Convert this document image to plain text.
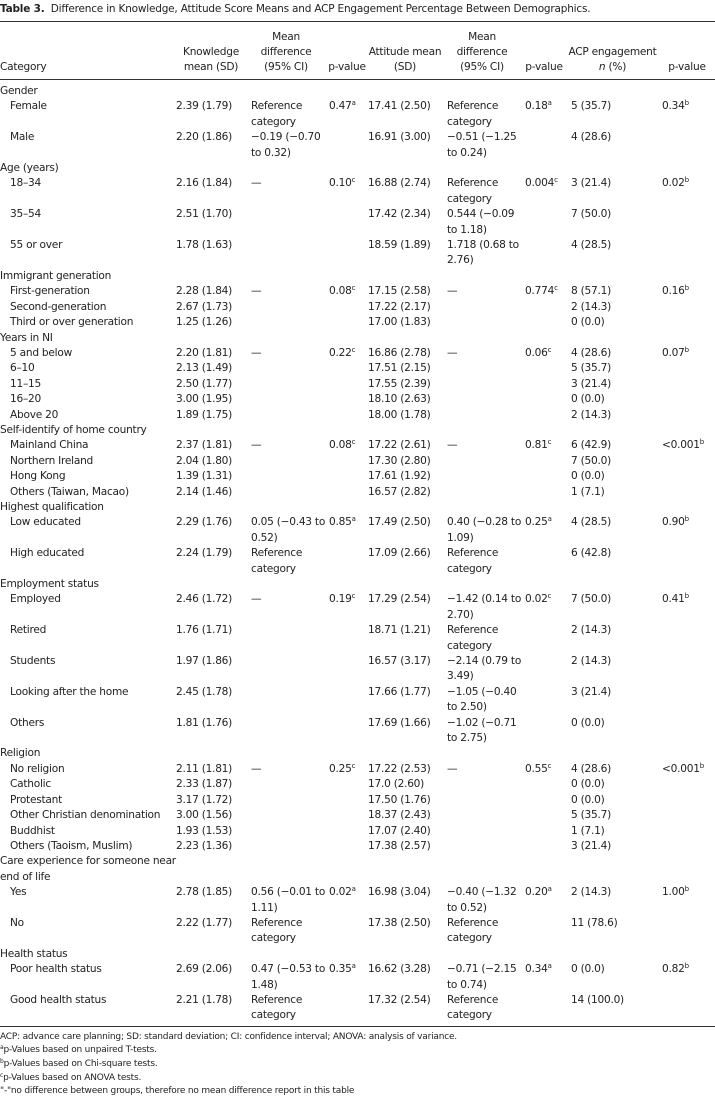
Table 3. Difference in Knowledge, Attitude Score Means and ACP Engagement Percentage Between Demographics.
Category	Knowledge mean (SD)	Mean difference (95% CI)	p-value	Attitude mean (SD)	Mean difference (95% CI)	p-value	ACP engagement
n (%)	p-value
Gender								
Female	2.39 (1.79)	Reference category	0.47$^a$	17.41 (2.50)	Reference category	0.18$^a$	5 (35.7)	0.34$^b$
Male	2.20 (1.86)	−0.19 (−0.70 to 0.32)		16.91 (3.00)	−0.51 (−1.25 to 0.24)		4 (28.6)	
Age (years)								
18–34	2.16 (1.84)	—	0.10$^c$	16.88 (2.74)	Reference category	0.004$^c$	3 (21.4)	0.02$^b$
35–54	2.51 (1.70)			17.42 (2.34)	0.544 (−0.09 to 1.18)		7 (50.0)	
55 or over	1.78 (1.63)			18.59 (1.89)	1.718 (0.68 to 2.76)		4 (28.5)	
Immigrant generation								
First-generation	2.28 (1.84)	—	0.08$^c$	17.15 (2.58)	—	0.774$^c$	8 (57.1)	0.16$^b$
Second-generation	2.67 (1.73)			17.22 (2.17)			2 (14.3)	
Third or over generation	1.25 (1.26)			17.00 (1.83)			0 (0.0)	
Years in NI								
5 and below	2.20 (1.81)	—	0.22$^c$	16.86 (2.78)	—	0.06$^c$	4 (28.6)	0.07$^b$
6–10	2.13 (1.49)			17.51 (2.15)			5 (35.7)	
11–15	2.50 (1.77)			17.55 (2.39)			3 (21.4)	
16–20	3.00 (1.95)			18.10 (2.63)			0 (0.0)	
Above 20	1.89 (1.75)			18.00 (1.78)			2 (14.3)	
Self-identify of home country								
Mainland China	2.37 (1.81)	—	0.08$^c$	17.22 (2.61)	—	0.81$^c$	6 (42.9)	<0.001$^b$
Northern Ireland	2.04 (1.80)			17.30 (2.80)			7 (50.0)	
Hong Kong	1.39 (1.31)			17.61 (1.92)			0 (0.0)	
Others (Taiwan, Macao)	2.14 (1.46)			16.57 (2.82)			1 (7.1)	
Highest qualification								
Low educated	2.29 (1.76)	0.05 (−0.43 to 0.52)	0.85$^a$	17.49 (2.50)	0.40 (−0.28 to 1.09)	0.25$^a$	4 (28.5)	0.90$^b$
High educated	2.24 (1.79)	Reference category		17.09 (2.66)	Reference category		6 (42.8)	
Employment status								
Employed	2.46 (1.72)	—	0.19$^c$	17.29 (2.54)	−1.42 (0.14 to 2.70)	0.02$^c$	7 (50.0)	0.41$^b$
Retired	1.76 (1.71)			18.71 (1.21)	Reference category		2 (14.3)	
Students	1.97 (1.86)			16.57 (3.17)	−2.14 (0.79 to 3.49)		2 (14.3)	
Looking after the home	2.45 (1.78)			17.66 (1.77)	−1.05 (−0.40 to 2.50)		3 (21.4)	
Others	1.81 (1.76)			17.69 (1.66)	−1.02 (−0.71 to 2.75)		0 (0.0)	
Religion								
No religion	2.11 (1.81)	—	0.25$^c$	17.22 (2.53)	—	0.55$^c$	4 (28.6)	<0.001$^b$
Catholic	2.33 (1.87)			17.0 (2.60)			0 (0.0)	
Protestant	3.17 (1.72)			17.50 (1.76)			0 (0.0)	
Other Christian denomination	3.00 (1.56)			18.37 (2.43)			5 (35.7)	
Buddhist	1.93 (1.53)			17.07 (2.40)			1 (7.1)	
Others (Taoism, Muslim)	2.23 (1.36)			17.38 (2.57)			3 (21.4)	
Care experience for someone near end of life								
Yes	2.78 (1.85)	0.56 (−0.01 to 1.11)	0.02$^a$	16.98 (3.04)	−0.40 (−1.32 to 0.52)	0.20$^a$	2 (14.3)	1.00$^b$
No	2.22 (1.77)	Reference category		17.38 (2.50)	Reference category		11 (78.6)	
Health status								
Poor health status	2.69 (2.06)	0.47 (−0.53 to 1.48)	0.35$^a$	16.62 (3.28)	−0.71 (−2.15 to 0.74)	0.34$^a$	0 (0.0)	0.82$^b$
Good health status	2.21 (1.78)	Reference category		17.32 (2.54)	Reference category		14 (100.0)	
ACP: advance care planning; SD: standard deviation; CI: confidence interval; ANOVA: analysis of variance.
$^a$p-Values based on unpaired T-tests.
$^b$p-Values based on Chi-square tests.
$^c$p-Values based on ANOVA tests.
"-"no difference between groups, therefore no mean difference report in this table
